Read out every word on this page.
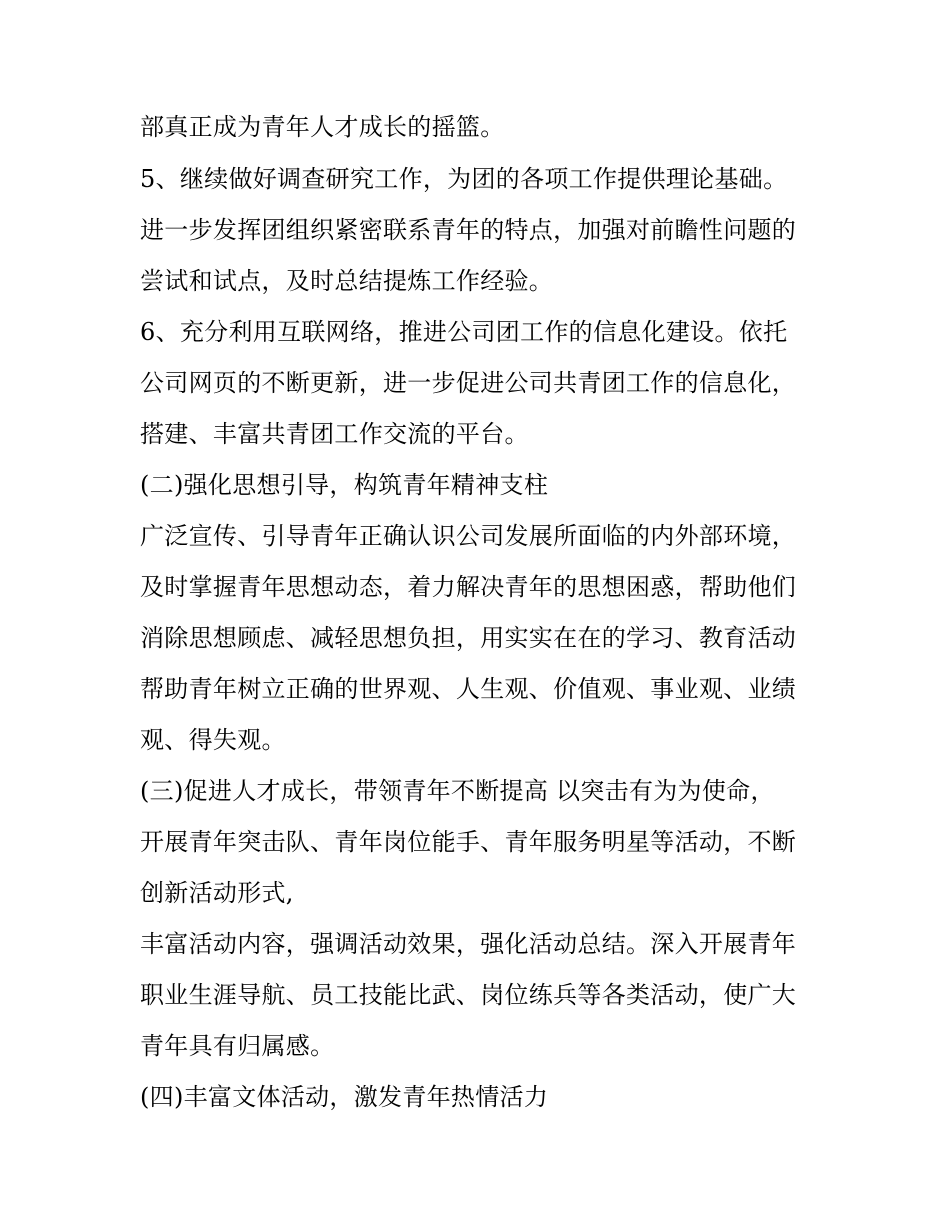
部真正成为青年人才成长的摇篮。
5、继续做好调查研究工作，为团的各项工作提供理论基础。
进一步发挥团组织紧密联系青年的特点，加强对前瞻性问题的
尝试和试点，及时总结提炼工作经验。
6、充分利用互联网络，推进公司团工作的信息化建设。依托
公司网页的不断更新，进一步促进公司共青团工作的信息化，
搭建、丰富共青团工作交流的平台。
(二)强化思想引导，构筑青年精神支柱
广泛宣传、引导青年正确认识公司发展所面临的内外部环境，
及时掌握青年思想动态，着力解决青年的思想困惑，帮助他们
消除思想顾虑、减轻思想负担，用实实在在的学习、教育活动
帮助青年树立正确的世界观、人生观、价值观、事业观、业绩
观、得失观。
(三)促进人才成长，带领青年不断提高 以突击有为为使命，
开展青年突击队、青年岗位能手、青年服务明星等活动，不断
创新活动形式,
丰富活动内容，强调活动效果，强化活动总结。深入开展青年
职业生涯导航、员工技能比武、岗位练兵等各类活动，使广大
青年具有归属感。
(四)丰富文体活动，激发青年热情活力
